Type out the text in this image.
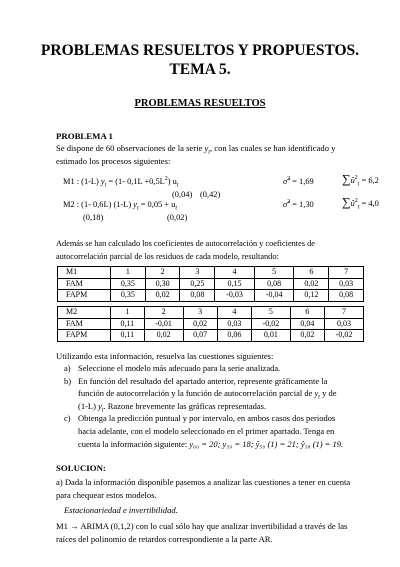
PROBLEMAS RESUELTOS Y PROPUESTOS.
TEMA 5.
PROBLEMAS RESUELTOS
PROBLEMA 1
Se dispone de 60 observaciones de la serie $y_t$, con las cuales se han identificado y estimado los procesos siguientes:
M1 : (1-L) $y_t = (1-$ $0,1L +0,5L^2$) $u_t$	σ̂$^2$ = 1,69 $\sum û^2_t = 6,2$
(0,04) (0,42)
M2 : (1- 0,6L) (1-L) $y_t = 0,05 + u_t$	σ̂$^2$ = 1,30 $\sum û^2_t = 4,0$
(0,18)	(0,02)
Además se han calculado los coeficientes de autocorrelación y coeficientes de autocorrelación parcial de los residuos de cada modelo, resultando:
M1	1	2	3	4	5	6	7
FAM	0,35	0,30	0,25	0,15	0,08	0,02	0,03
FAPM	0,35	0,02	0,08	-0,03	-0,04	0,12	0,08
M2	1	2	3	4	5	6	7
FAM	0,11	-0,01	0,02	0,03	-0,02	0,04	0,03
FAPM	0,11	0,02	0,07	0,06	0,01	0,02	-0,02
Utilizando esta información, resuelva las cuestiones siguientes:
a) Seleccione el modelo más adecuado para la serie analizada.
b) En función del resultado del apartado anterior, represente gráficamente la
función de autocorrelación y la función de autocorrelación parcial de $y_t$ y de
(1-L) $y_t$. Razone brevemente las gráficas representadas.
c) Obtenga la predicción puntual y por intervalo, en ambos casos dos periodos
hacia adelante, con el modelo seleccionado en el primer apartado. Tenga en
cuenta la información siguiente: y₆₀ = 20; y₅₉ = 18; ŷ₅₉ (1) = 21; ŷ₅₈ (1) = 19.
SOLUCION:
a) Dada la información disponible pasemos a analizar las cuestiones a tener en cuenta para chequear estos modelos.
Estacionariedad e invertibilidad.
M1 → ARIMA (0,1,2) con lo cual sólo hay que analizar invertibilidad a través de las raíces del polinomio de retardos correspondiente a la parte AR.
